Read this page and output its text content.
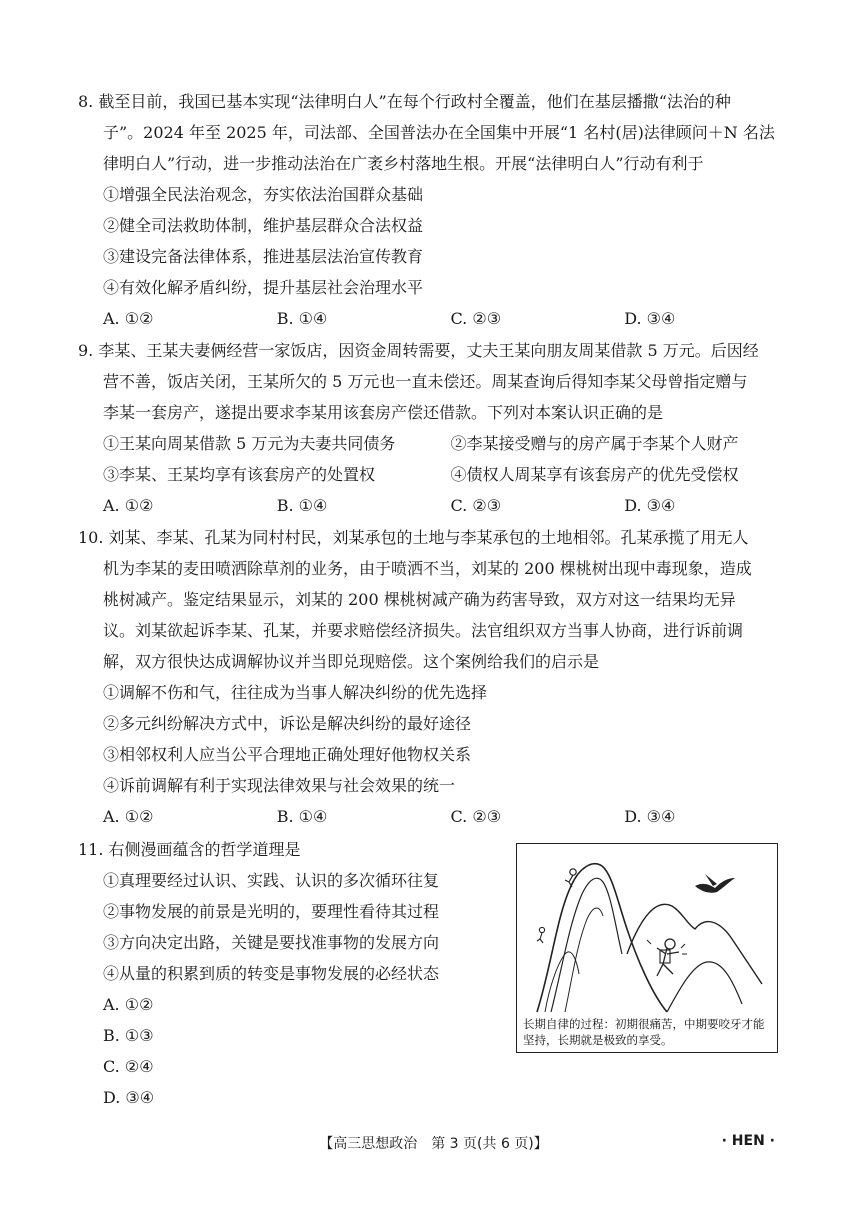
8. 截至目前，我国已基本实现“法律明白人”在每个行政村全覆盖，他们在基层播撒“法治的种
子”。2024 年至 2025 年，司法部、全国普法办在全国集中开展“1 名村(居)法律顾问＋N 名法
律明白人”行动，进一步推动法治在广袤乡村落地生根。开展“法律明白人”行动有利于
①增强全民法治观念，夯实依法治国群众基础
②健全司法救助体制，维护基层群众合法权益
③建设完备法律体系，推进基层法治宣传教育
④有效化解矛盾纠纷，提升基层社会治理水平
A. ①②	B. ①④	C. ②③	D. ③④
9. 李某、王某夫妻俩经营一家饭店，因资金周转需要，丈夫王某向朋友周某借款 5 万元。后因经
营不善，饭店关闭，王某所欠的 5 万元也一直未偿还。周某查询后得知李某父母曾指定赠与
李某一套房产，遂提出要求李某用该套房产偿还借款。下列对本案认识正确的是
①王某向周某借款 5 万元为夫妻共同债务	②李某接受赠与的房产属于李某个人财产
③李某、王某均享有该套房产的处置权	④债权人周某享有该套房产的优先受偿权
A. ①②	B. ①④	C. ②③	D. ③④
10. 刘某、李某、孔某为同村村民，刘某承包的土地与李某承包的土地相邻。孔某承揽了用无人
机为李某的麦田喷洒除草剂的业务，由于喷洒不当，刘某的 200 棵桃树出现中毒现象，造成
桃树减产。鉴定结果显示，刘某的 200 棵桃树减产确为药害导致，双方对这一结果均无异
议。刘某欲起诉李某、孔某，并要求赔偿经济损失。法官组织双方当事人协商，进行诉前调
解，双方很快达成调解协议并当即兑现赔偿。这个案例给我们的启示是
①调解不伤和气，往往成为当事人解决纠纷的优先选择
②多元纠纷解决方式中，诉讼是解决纠纷的最好途径
③相邻权利人应当公平合理地正确处理好他物权关系
④诉前调解有利于实现法律效果与社会效果的统一
A. ①②	B. ①④	C. ②③	D. ③④
11. 右侧漫画蕴含的哲学道理是
①真理要经过认识、实践、认识的多次循环往复
②事物发展的前景是光明的，要理性看待其过程
③方向决定出路，关键是要找准事物的发展方向
④从量的积累到质的转变是事物发展的必经状态
A. ①②
B. ①③
C. ②④
D. ③④
长期自律的过程：初期很痛苦，中期要咬牙才能坚持，长期就是极致的享受。
【高三思想政治　第 3 页(共 6 页)】	· HEN ·
